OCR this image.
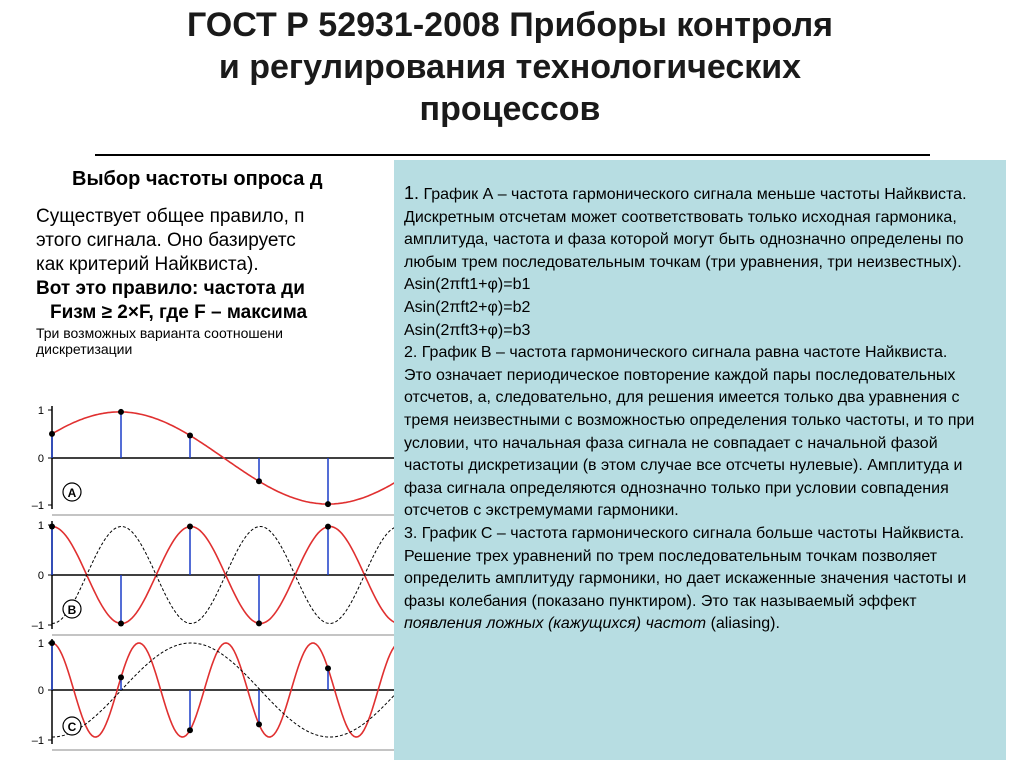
ГОСТ Р 52931-2008 Приборы контроля
и регулирования технологических
процессов
Выбор частоты опроса д
Существует общее правило, п
этого сигнала. Оно базируетс
как критерий Найквиста).
Вот это правило: частота ди
Fизм ≥ 2×F, где F – максима
Три возможных варианта соотношени
дискретизации
1
0
–1
A
1
0
–1
B
1
0
–1
C

1. График А – частота гармонического сигнала меньше частоты Найквиста. Дискретным отсчетам может соответствовать только исходная гармоника, амплитуда, частота и фаза которой могут быть однозначно определены по любым трем последовательным точкам (три уравнения, три неизвестных).

Asin(2πft1+φ)=b1

Asin(2πft2+φ)=b2

Asin(2πft3+φ)=b3

2. График В – частота гармонического сигнала равна частоте Найквиста.

Это означает периодическое повторение каждой пары последовательных отсчетов, а, следовательно, для решения имеется только два уравнения с тремя неизвестными с возможностью определения только частоты, и то при условии, что начальная фаза сигнала не совпадает с начальной фазой частоты дискретизации (в этом случае все отсчеты нулевые). Амплитуда и фаза сигнала определяются однозначно только при условии совпадения отсчетов с экстремумами гармоники.

3. График С – частота гармонического сигнала больше частоты Найквиста. Решение трех уравнений по трем последовательным точкам позволяет определить амплитуду гармоники, но дает искаженные значения частоты и фазы колебания (показано пунктиром). Это так называемый эффект появления ложных (кажущихся) частот (aliasing).
